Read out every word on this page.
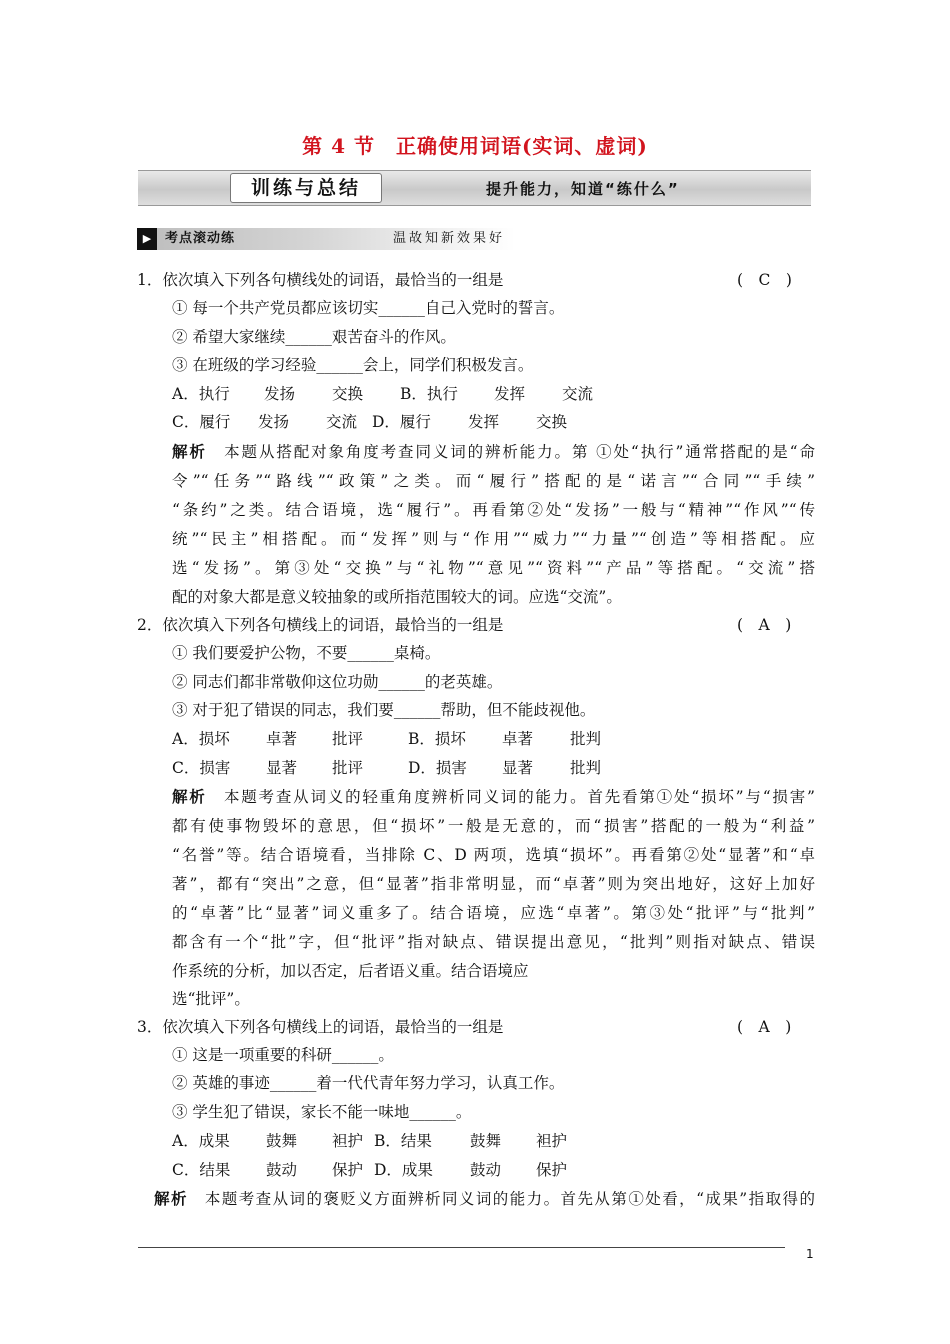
第 4 节　正确使用词语(实词、虚词)
训练与总结	提升能力，知道“练什么”
▶	考点滚动练	温故知新效果好
1．依次填入下列各句横线处的词语，最恰当的一组是	(　C　)
① 每一个共产党员都应该切实______自己入党时的誓言。
② 希望大家继续______艰苦奋斗的作风。
③ 在班级的学习经验______会上，同学们积极发言。
A．执行 发扬 交换 B．执行 发挥 交流
C．履行 发扬 交流 D．履行 发挥 交换
解析　 本题从搭配对象角度考查同义词的辨析能力。第 ①处“执行”通常搭配的是“命
令”“任务”“路线”“政策”之类。而“履行”搭配的是“诺言”“合同”“手续”
“条约”之类。结合语境，选“履行”。再看第②处“发扬”一般与“精神”“作风”“传
统”“民主”相搭配。而“发挥”则与“作用”“威力”“力量”“创造”等相搭配。应
选“发扬”。第③处“交换”与“礼物”“意见”“资料”“产品”等搭配。“交流”搭
配的对象大都是意义较抽象的或所指范围较大的词。应选“交流”。
2．依次填入下列各句横线上的词语，最恰当的一组是	(　A　)
① 我们要爱护公物，不要______桌椅。
② 同志们都非常敬仰这位功勋______的老英雄。
③ 对于犯了错误的同志，我们要______帮助，但不能歧视他。
A．损坏 卓著 批评	B．损坏 卓著 批判
C．损害 显著 批评	D．损害 显著 批判
解析　 本题考查从词义的轻重角度辨析同义词的能力。首先看第①处“损坏”与“损害”
都有使事物毁坏的意思，但“损坏”一般是无意的，而“损害”搭配的一般为“利益”
“名誉”等。结合语境看，当排除 C、D 两项，选填“损坏”。再看第②处“显著”和“卓
著”，都有“突出”之意，但“显著”指非常明显，而“卓著”则为突出地好，这好上加好
的“卓著”比“显著”词义重多了。结合语境，应选“卓著”。第③处“批评”与“批判”
都含有一个“批”字，但“批评”指对缺点、错误提出意见，“批判”则指对缺点、错误
作系统的分析，加以否定，后者语义重。结合语境应
选“批评”。
3．依次填入下列各句横线上的词语，最恰当的一组是	(　A　)
① 这是一项重要的科研______。
② 英雄的事迹______着一代代青年努力学习，认真工作。
③ 学生犯了错误，家长不能一味地______。
A．成果 鼓舞 袒护 B．结果 鼓舞 袒护
C．结果 鼓动 保护 D．成果 鼓动 保护
解析　 本题考查从词的褒贬义方面辨析同义词的能力。首先从第①处看，“成果”指取得的
1
